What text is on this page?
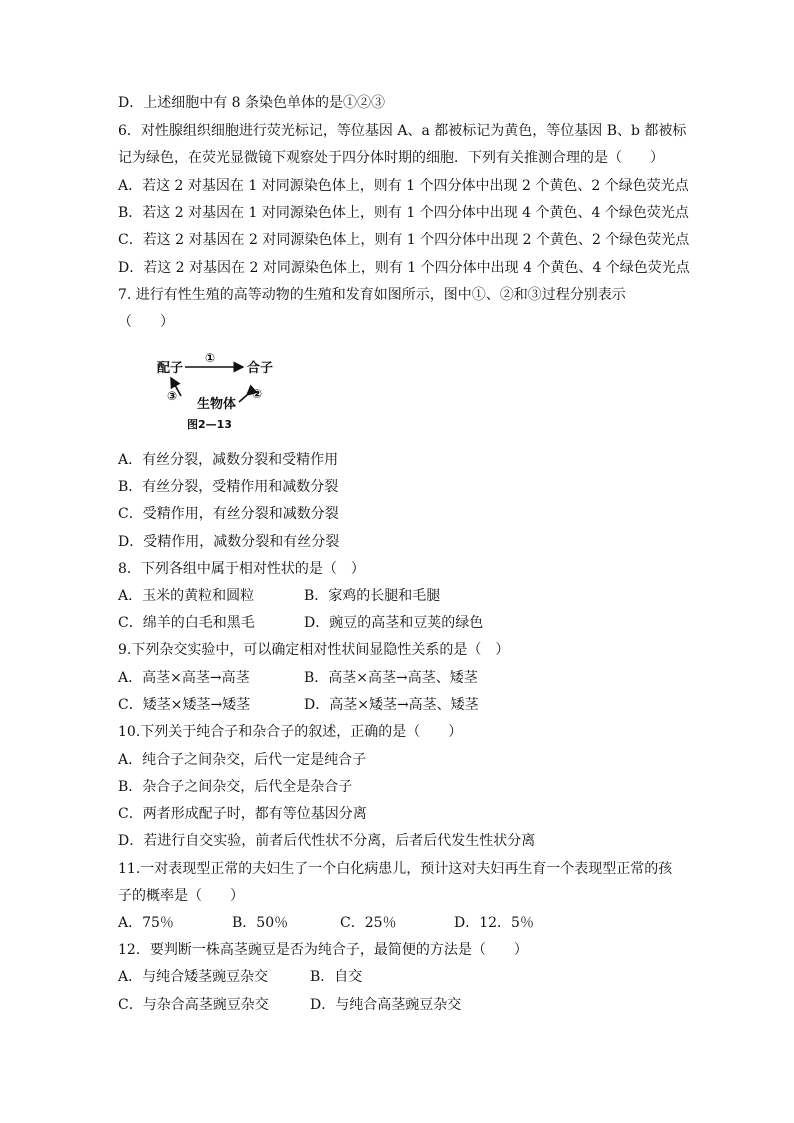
D．上述细胞中有 8 条染色单体的是①②③
6．对性腺组织细胞进行荧光标记，等位基因 A、a 都被标记为黄色，等位基因 B、b 都被标
记为绿色，在荧光显微镜下观察处于四分体时期的细胞．下列有关推测合理的是（　　）
A．若这 2 对基因在 1 对同源染色体上，则有 1 个四分体中出现 2 个黄色、2 个绿色荧光点
B．若这 2 对基因在 1 对同源染色体上，则有 1 个四分体中出现 4 个黄色、4 个绿色荧光点
C．若这 2 对基因在 2 对同源染色体上，则有 1 个四分体中出现 2 个黄色、2 个绿色荧光点
D．若这 2 对基因在 2 对同源染色体上，则有 1 个四分体中出现 4 个黄色、4 个绿色荧光点
7. 进行有性生殖的高等动物的生殖和发育如图所示，图中①、②和③过程分别表示
（　　）
配子	合子
生物体
①
②
③
图2—13
A．有丝分裂，减数分裂和受精作用
B．有丝分裂，受精作用和减数分裂
C．受精作用，有丝分裂和减数分裂
D．受精作用，减数分裂和有丝分裂
8．下列各组中属于相对性状的是（　）
A．玉米的黄粒和圆粒	B．家鸡的长腿和毛腿
C．绵羊的白毛和黑毛	D．豌豆的高茎和豆荚的绿色
9.下列杂交实验中，可以确定相对性状间显隐性关系的是（　）
A．高茎×高茎→高茎	B．高茎×高茎→高茎、矮茎
C．矮茎×矮茎→矮茎	D．高茎×矮茎→高茎、矮茎
10.下列关于纯合子和杂合子的叙述，正确的是（　　）
A．纯合子之间杂交，后代一定是纯合子
B．杂合子之间杂交，后代全是杂合子
C．两者形成配子时，都有等位基因分离
D．若进行自交实验，前者后代性状不分离，后者后代发生性状分离
11.一对表现型正常的夫妇生了一个白化病患儿，预计这对夫妇再生育一个表现型正常的孩
子的概率是（　　）
A．75％	B．50％	C．25％	D．12．5％
12．要判断一株高茎豌豆是否为纯合子，最简便的方法是（　　）
A．与纯合矮茎豌豆杂交	B．自交
C．与杂合高茎豌豆杂交	D．与纯合高茎豌豆杂交
